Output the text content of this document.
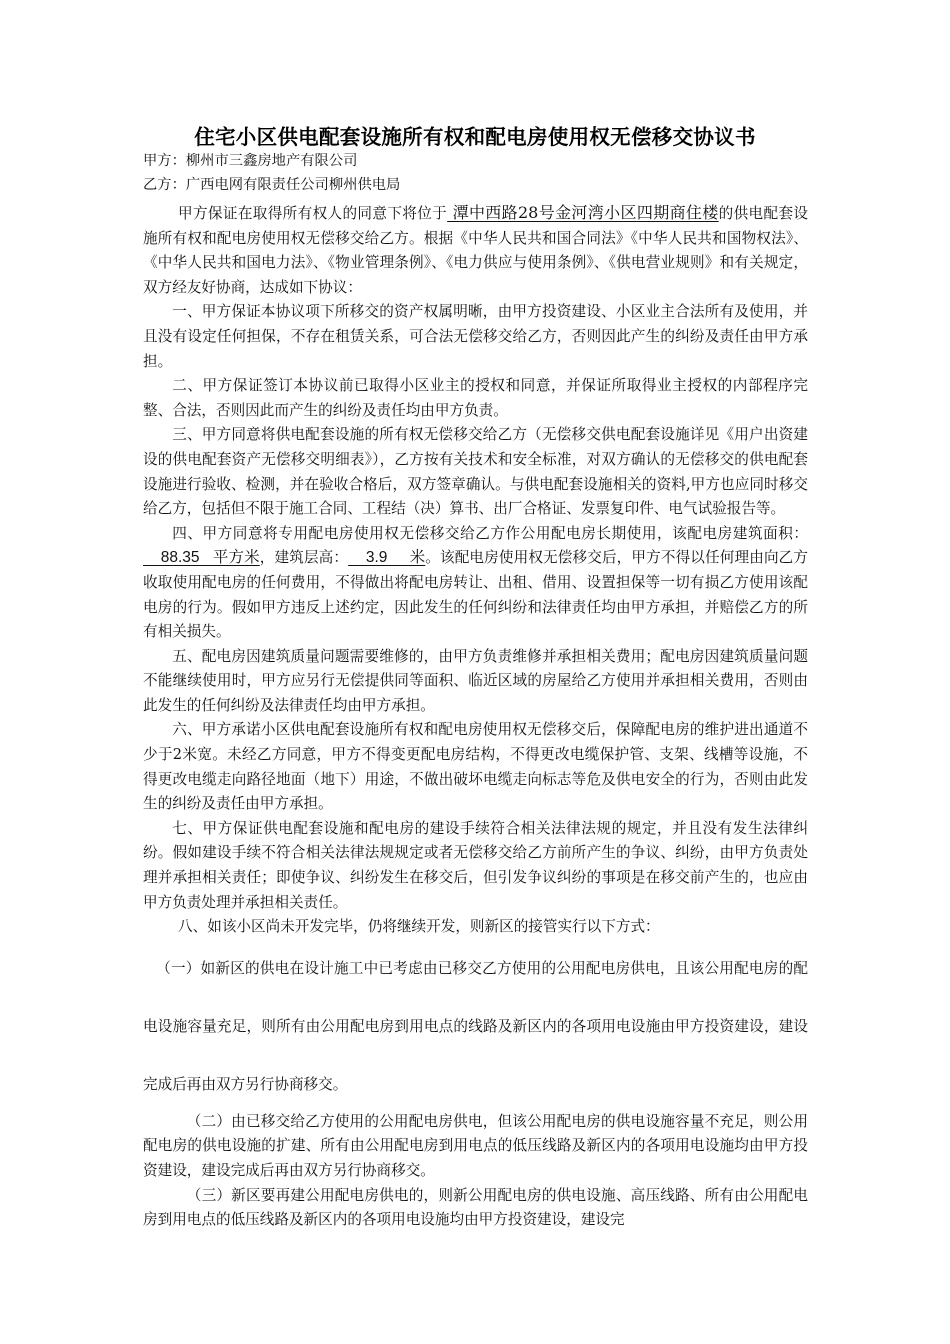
住宅小区供电配套设施所有权和配电房使用权无偿移交协议书
甲方：柳州市三鑫房地产有限公司
乙方：广西电网有限责任公司柳州供电局

甲方保证在取得所有权人的同意下将位于 潭中西路28号金河湾小区四期商住楼的供电配套设施所有权和配电房使用权无偿移交给乙方。根据《中华人民共和国合同法》《中华人民共和国物权法》、《中华人民共和国电力法》、《物业管理条例》、《电力供应与使用条例》、《供电营业规则》和有关规定，双方经友好协商，达成如下协议：

一、甲方保证本协议项下所移交的资产权属明晰，由甲方投资建设、小区业主合法所有及使用，并且没有设定任何担保，不存在租赁关系，可合法无偿移交给乙方，否则因此产生的纠纷及责任由甲方承担。

二、甲方保证签订本协议前已取得小区业主的授权和同意，并保证所取得业主授权的内部程序完整、合法，否则因此而产生的纠纷及责任均由甲方负责。

三、甲方同意将供电配套设施的所有权无偿移交给乙方（无偿移交供电配套设施详见《用户出资建设的供电配套资产无偿移交明细表》），乙方按有关技术和安全标准，对双方确认的无偿移交的供电配套设施进行验收、检测，并在验收合格后，双方签章确认。与供电配套设施相关的资料,甲方也应同时移交给乙方，包括但不限于施工合同、工程结（决）算书、出厂合格证、发票复印件、电气试验报告等。

四、甲方同意将专用配电房使用权无偿移交给乙方作公用配电房长期使用，该配电房建筑面积：    88.35   平方米，建筑层高：    3.9     米。该配电房使用权无偿移交后，甲方不得以任何理由向乙方收取使用配电房的任何费用，不得做出将配电房转让、出租、借用、设置担保等一切有损乙方使用该配电房的行为。假如甲方违反上述约定，因此发生的任何纠纷和法律责任均由甲方承担，并赔偿乙方的所有相关损失。

五、配电房因建筑质量问题需要维修的，由甲方负责维修并承担相关费用；配电房因建筑质量问题不能继续使用时，甲方应另行无偿提供同等面积、临近区域的房屋给乙方使用并承担相关费用，否则由此发生的任何纠纷及法律责任均由甲方承担。

六、甲方承诺小区供电配套设施所有权和配电房使用权无偿移交后，保障配电房的维护进出通道不少于2米宽。未经乙方同意，甲方不得变更配电房结构，不得更改电缆保护管、支架、线槽等设施，不得更改电缆走向路径地面（地下）用途，不做出破坏电缆走向标志等危及供电安全的行为，否则由此发生的纠纷及责任由甲方承担。

七、甲方保证供电配套设施和配电房的建设手续符合相关法律法规的规定，并且没有发生法律纠纷。假如建设手续不符合相关法律法规规定或者无偿移交给乙方前所产生的争议、纠纷，由甲方负责处理并承担相关责任；即使争议、纠纷发生在移交后，但引发争议纠纷的事项是在移交前产生的，也应由甲方负责处理并承担相关责任。

八、如该小区尚未开发完毕，仍将继续开发，则新区的接管实行以下方式：

（一）如新区的供电在设计施工中已考虑由已移交乙方使用的公用配电房供电，且该公用配电房的配电设施容量充足，则所有由公用配电房到用电点的线路及新区内的各项用电设施由甲方投资建设，建设完成后再由双方另行协商移交。

（二）由已移交给乙方使用的公用配电房供电，但该公用配电房的供电设施容量不充足，则公用配电房的供电设施的扩建、所有由公用配电房到用电点的低压线路及新区内的各项用电设施均由甲方投资建设，建设完成后再由双方另行协商移交。

（三）新区要再建公用配电房供电的，则新公用配电房的供电设施、高压线路、所有由公用配电房到用电点的低压线路及新区内的各项用电设施均由甲方投资建设，建设完
